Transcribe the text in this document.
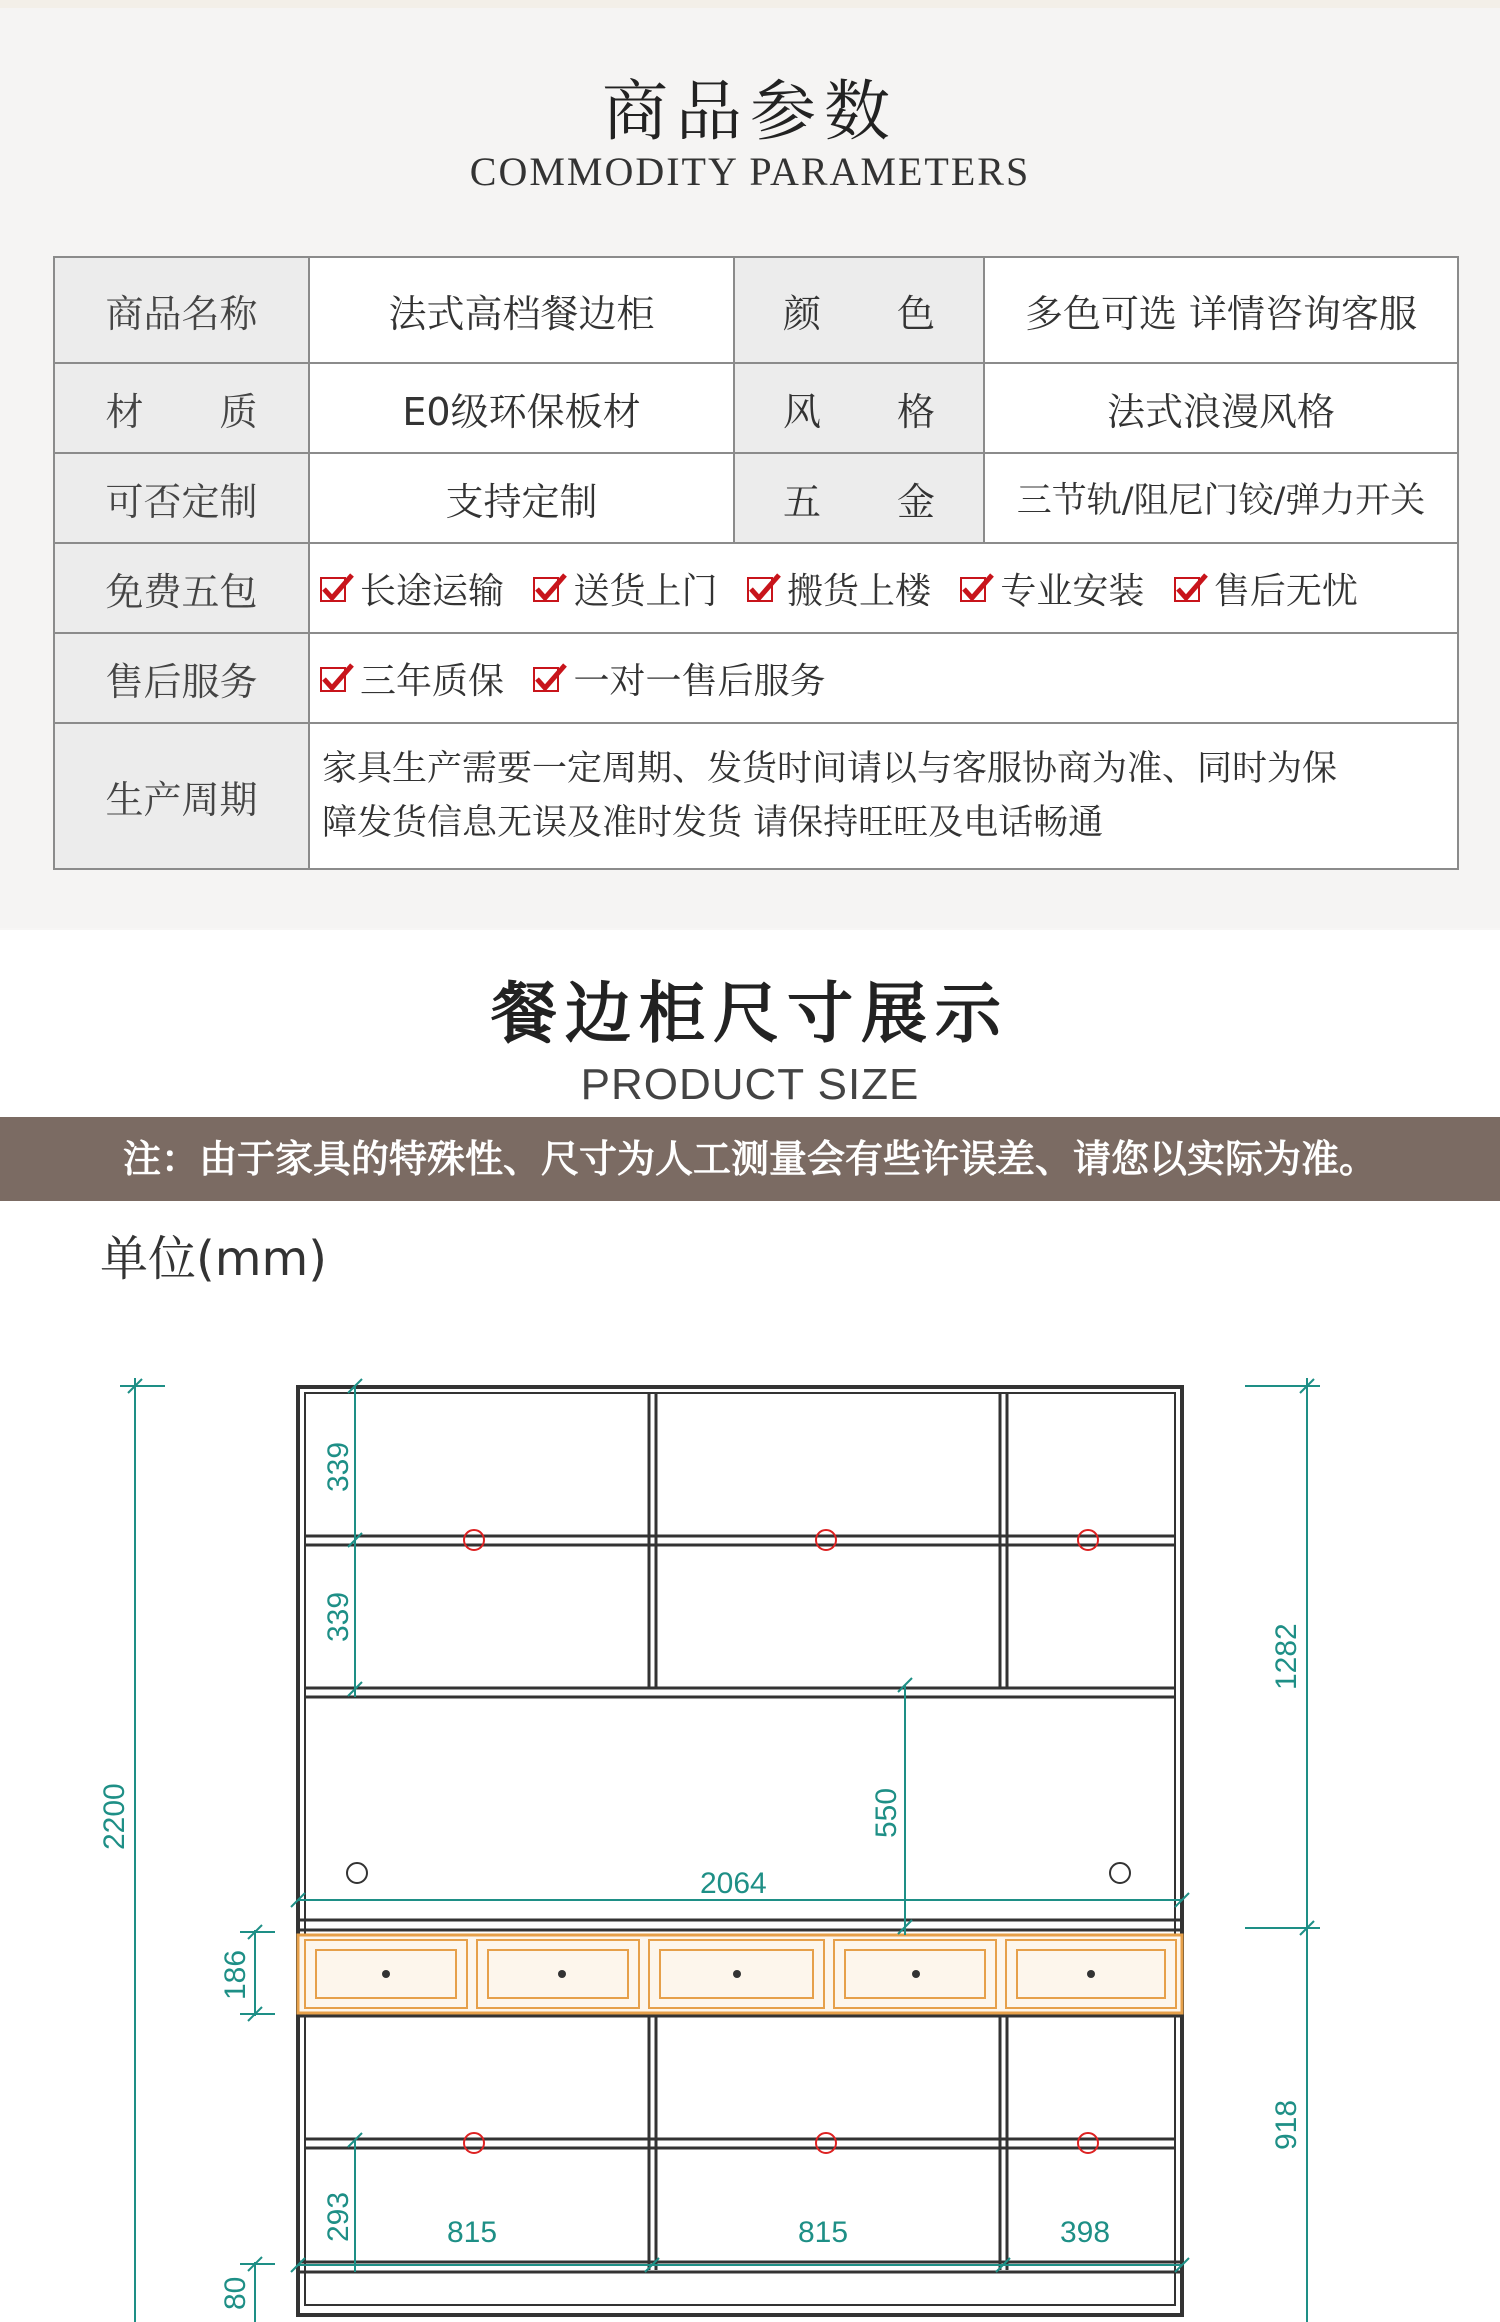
商品参数
COMMODITY PARAMETERS
商品名称	法式高档餐边柜	颜　　色	多色可选 详情咨询客服
材　　质	E0级环保板材	风　　格	法式浪漫风格
可否定制	支持定制	五　　金	三节轨/阻尼门铰/弹力开关
免费五包	长途运输
送货上门
搬货上楼
专业安装
售后无忧		

售后服务	三年质保
一对一售后服务		

生产周期	家具生产需要一定周期、发货时间请以与客服协商为准、同时为保
障发货信息无误及准时发货 请保持旺旺及电话畅通		
餐边柜尺寸展示
PRODUCT SIZE
注：由于家具的特殊性、尺寸为人工测量会有些许误差、请您以实际为准。
单位(mm)
2200
1282
918
339
339
550
2064
186
293
80
815	815	398
